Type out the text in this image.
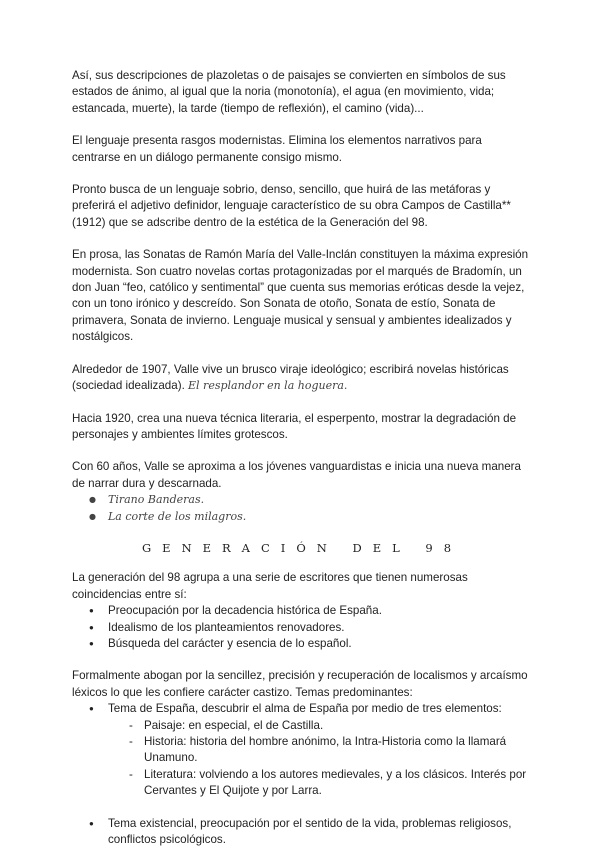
Así, sus descripciones de plazoletas o de paisajes se convierten en símbolos de sus estados de ánimo, al igual que la noria (monotonía), el agua (en movimiento, vida; estancada, muerte), la tarde (tiempo de reflexión), el camino (vida)...

El lenguaje presenta rasgos modernistas. Elimina los elementos narrativos para centrarse en un diálogo permanente consigo mismo.

Pronto busca de un lenguaje sobrio, denso, sencillo, que huirá de las metáforas y preferirá el adjetivo definidor, lenguaje característico de su obra Campos de Castilla** (1912) que se adscribe dentro de la estética de la Generación del 98.

En prosa, las Sonatas de Ramón María del Valle-Inclán constituyen la máxima expresión modernista. Son cuatro novelas cortas protagonizadas por el marqués de Bradomín, un don Juan “feo, católico y sentimental” que cuenta sus memorias eróticas desde la vejez, con un tono irónico y descreído. Son Sonata de otoño, Sonata de estío, Sonata de primavera, Sonata de invierno. Lenguaje musical y sensual y ambientes idealizados y nostálgicos.

Alrededor de 1907, Valle vive un brusco viraje ideológico; escribirá novelas históricas (sociedad idealizada). El resplandor en la hoguera.

Hacia 1920, crea una nueva técnica literaria, el esperpento, mostrar la degradación de personajes y ambientes límites grotescos.

Con 60 años, Valle se aproxima a los jóvenes vanguardistas e inicia una nueva manera de narrar dura y descarnada.

● Tirano Banderas.
● La corte de los milagros.
GENERACIÓN DEL 98

La generación del 98 agrupa a una serie de escritores que tienen numerosas coincidencias entre sí:

● Preocupación por la decadencia histórica de España.
● Idealismo de los planteamientos renovadores.
● Búsqueda del carácter y esencia de lo español.

Formalmente abogan por la sencillez, precisión y recuperación de localismos y arcaísmo léxicos lo que les confiere carácter castizo. Temas predominantes:

● Tema de España, descubrir el alma de España por medio de tres elementos:
- Paisaje: en especial, el de Castilla.
- Historia: historia del hombre anónimo, la Intra-Historia como la llamará Unamuno.
- Literatura: volviendo a los autores medievales, y a los clásicos. Interés por Cervantes y El Quijote y por Larra.
● Tema existencial, preocupación por el sentido de la vida, problemas religiosos, conflictos psicológicos.
